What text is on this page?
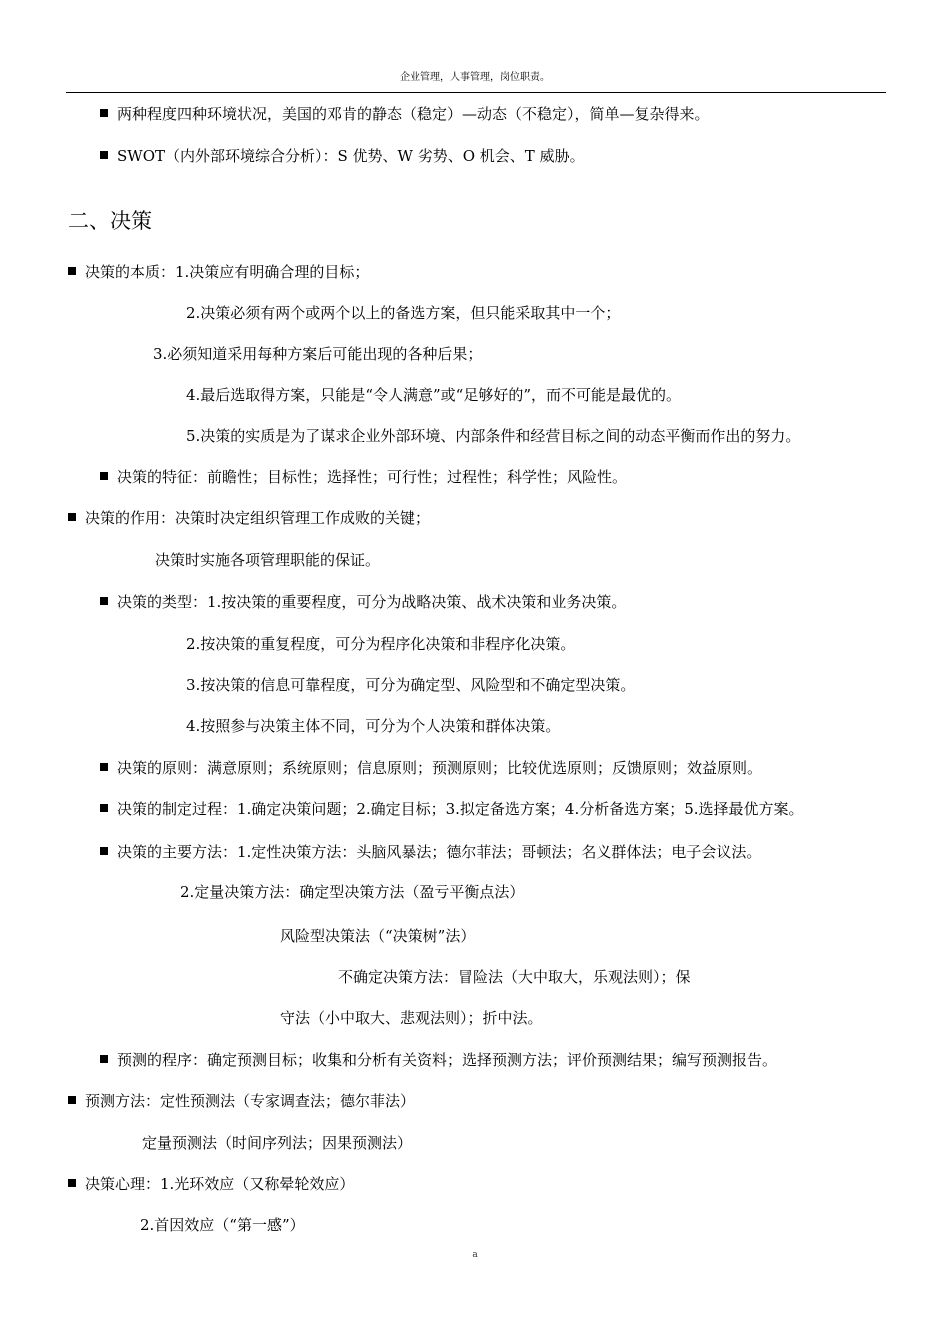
企业管理，人事管理，岗位职责。
两种程度四种环境状况，美国的邓肯的静态（稳定）—动态（不稳定），简单—复杂得来。
SWOT（内外部环境综合分析）：S 优势、W 劣势、O 机会、T 威胁。
二、决策
决策的本质：1.决策应有明确合理的目标；
2.决策必须有两个或两个以上的备选方案，但只能采取其中一个；
3.必须知道采用每种方案后可能出现的各种后果；
4.最后选取得方案，只能是“令人满意”或“足够好的”，而不可能是最优的。
5.决策的实质是为了谋求企业外部环境、内部条件和经营目标之间的动态平衡而作出的努力。
决策的特征：前瞻性；目标性；选择性；可行性；过程性；科学性；风险性。
决策的作用：决策时决定组织管理工作成败的关键；
决策时实施各项管理职能的保证。
决策的类型：1.按决策的重要程度，可分为战略决策、战术决策和业务决策。
2.按决策的重复程度，可分为程序化决策和非程序化决策。
3.按决策的信息可靠程度，可分为确定型、风险型和不确定型决策。
4.按照参与决策主体不同，可分为个人决策和群体决策。
决策的原则：满意原则；系统原则；信息原则；预测原则；比较优选原则；反馈原则；效益原则。
决策的制定过程：1.确定决策问题；2.确定目标；3.拟定备选方案；4.分析备选方案；5.选择最优方案。
决策的主要方法：1.定性决策方法：头脑风暴法；德尔菲法；哥顿法；名义群体法；电子会议法。
2.定量决策方法：确定型决策方法（盈亏平衡点法）
风险型决策法（“决策树”法）
不确定决策方法：冒险法（大中取大，乐观法则）；保
守法（小中取大、悲观法则）；折中法。
预测的程序：确定预测目标；收集和分析有关资料；选择预测方法；评价预测结果；编写预测报告。
预测方法：定性预测法（专家调查法；德尔菲法）
定量预测法（时间序列法；因果预测法）
决策心理：1.光环效应（又称晕轮效应）
2.首因效应（“第一感”）
a
